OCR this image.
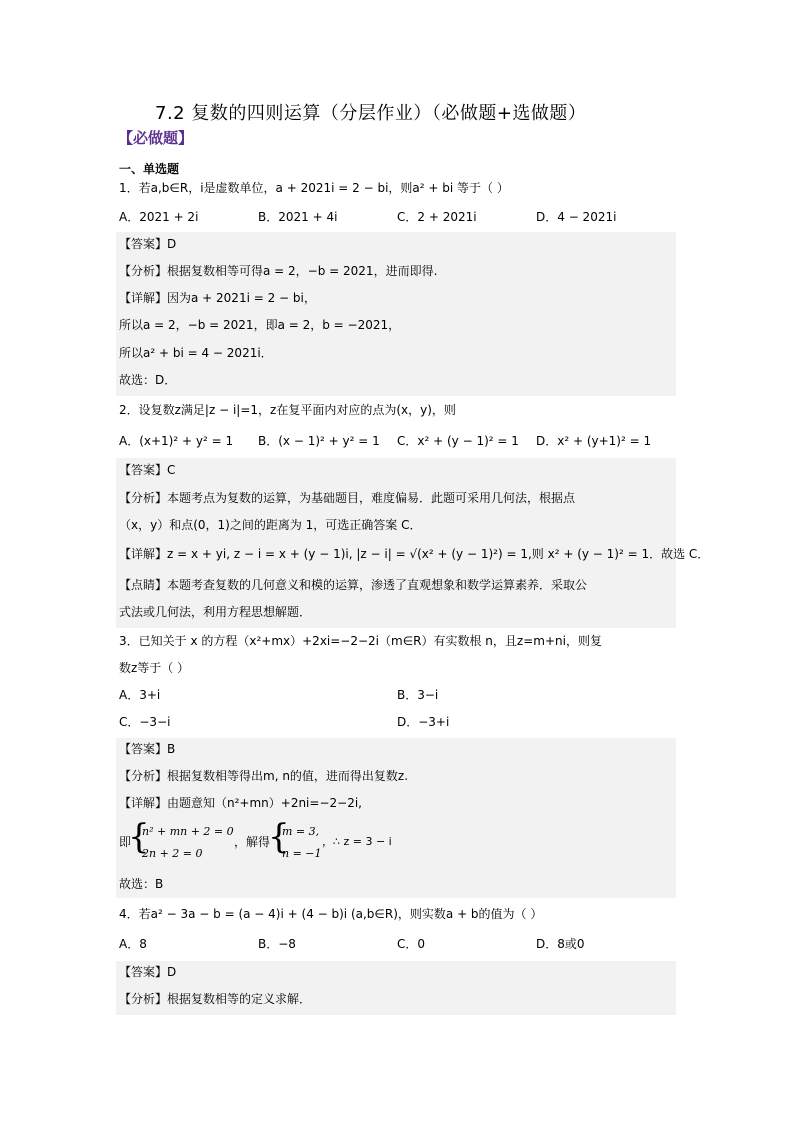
7.2 复数的四则运算（分层作业）（必做题+选做题）
【必做题】
一、单选题
1．若a,b∈R，i是虚数单位，a + 2021i = 2 − bi，则a² + bi 等于（ ）
A．2021 + 2i	B．2021 + 4i	C．2 + 2021i	D．4 − 2021i
【答案】D
【分析】根据复数相等可得a = 2，−b = 2021，进而即得.
【详解】因为a + 2021i = 2 − bi，
所以a = 2，−b = 2021，即a = 2，b = −2021，
所以a² + bi = 4 − 2021i．
故选：D．
2．设复数z满足|z − i|=1，z在复平面内对应的点为(x，y)，则
A．(x+1)² + y² = 1 B．(x − 1)² + y² = 1 C．x² + (y − 1)² = 1 D．x² + (y+1)² = 1
【答案】C
【分析】本题考点为复数的运算，为基础题目，难度偏易．此题可采用几何法，根据点
（x，y）和点(0，1)之间的距离为 1，可选正确答案 C．
【详解】z = x + yi, z − i = x + (y − 1)i, |z − i| = √(x² + (y − 1)²) = 1,则 x² + (y − 1)² = 1．故选 C．
【点睛】本题考查复数的几何意义和模的运算，渗透了直观想象和数学运算素养．采取公
式法或几何法，利用方程思想解题．
3．已知关于 x 的方程（x²+mx）+2xi=−2−2i（m∈R）有实数根 n，且z=m+ni，则复
数z等于（ ）
A．3+i	B．3−i
C．−3−i	D．−3+i
【答案】B
【分析】根据复数相等得出m, n的值，进而得出复数z.
【详解】由题意知（n²+mn）+2ni=−2−2i,
即
{
n² + mn + 2 = 0
2n + 2 = 0
，解得
{
m = 3,
n = −1
，∴ z = 3 − i
故选：B
4．若a² − 3a − b = (a − 4)i + (4 − b)i (a,b∈R)，则实数a + b的值为（ ）
A．8	B．−8	C．0	D．8或0
【答案】D
【分析】根据复数相等的定义求解．
